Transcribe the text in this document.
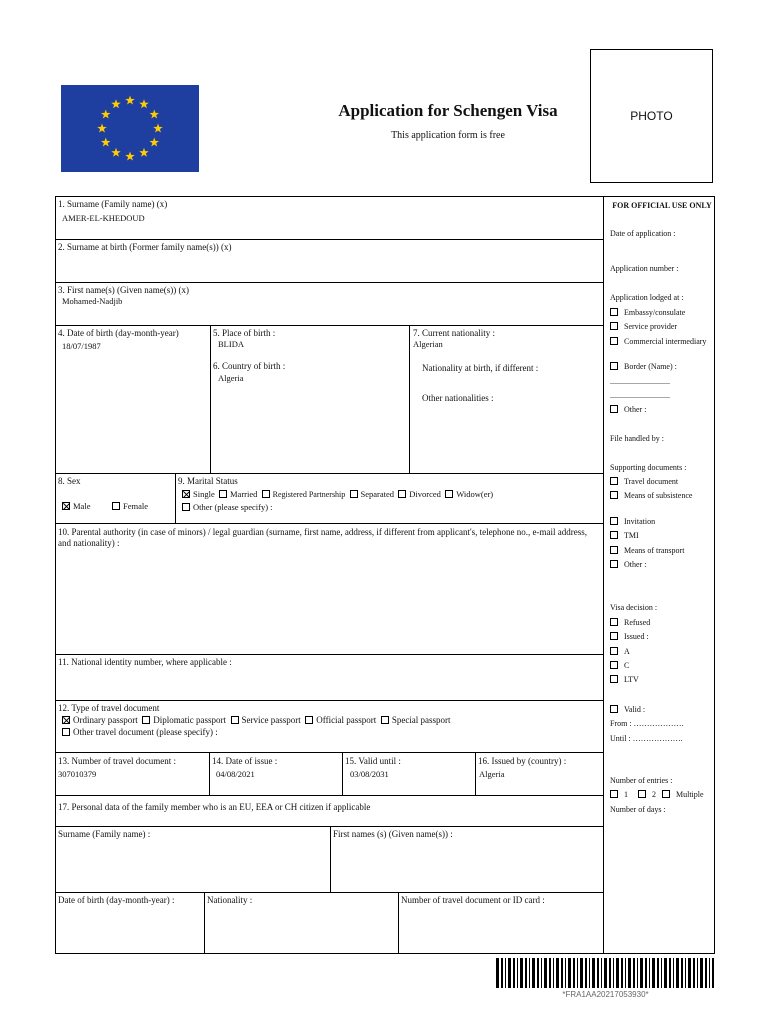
Application for Schengen Visa
This application form is free
PHOTO
1. Surname (Family name) (x)
AMER-EL-KHEDOUD
2. Surname at birth (Former family name(s)) (x)
3. First name(s) (Given name(s)) (x)
Mohamed-Nadjib
4. Date of birth (day-month-year)
18/07/1987
5. Place of birth :
BLIDA
6. Country of birth :
Algeria
7. Current nationality :
Algerian
Nationality at birth, if different :
Other nationalities :
8. Sex
Male	Female
9. Marital Status
Single Married Registered Partnership Separated Divorced Widow(er)
Other (please specify) :
10. Parental authority (in case of minors) / legal guardian (surname, first name, address, if different from applicant's, telephone no., e-mail address, and nationality) :
11. National identity number, where applicable :
12. Type of travel document
Ordinary passport Diplomatic passport Service passport Official passport Special passport
Other travel document (please specify) :
13. Number of travel document :
307010379
14. Date of issue :
04/08/2021
15. Valid until :
03/08/2031
16. Issued by (country) :
Algeria
17. Personal data of the family member who is an EU, EEA or CH citizen if applicable
Surname (Family name) :	First names (s) (Given name(s)) :
Date of birth (day-month-year) :	Nationality :	Number of travel document or ID card :
FOR OFFICIAL USE ONLY
Date of application :
Application number :
Application lodged at :
Embassy/consulate
Service provider
Commercial intermediary
Border (Name) :
..............................
..............................
Other :
File handled by :
Supporting documents :
Travel document
Means of subsistence
Invitation
TMI
Means of transport
Other :
Visa decision :
Refused
Issued :
A
C
LTV
Valid :
From : ……………….
Until : ……………….
Number of entries :
1	2	Multiple
Number of days :
*FRA1AA20217053930*
